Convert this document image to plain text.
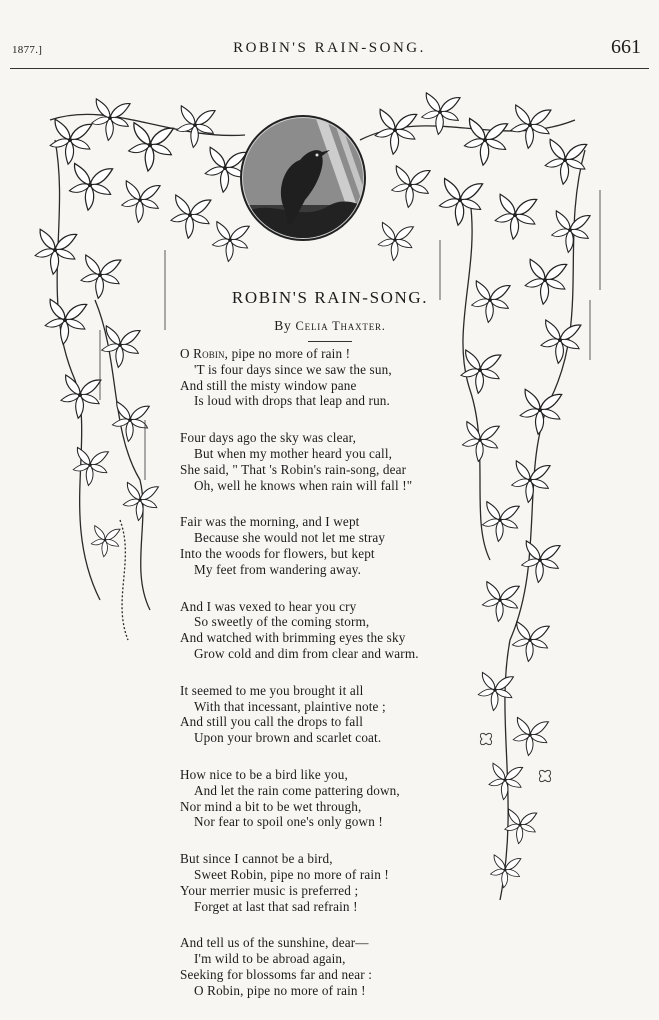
1877.]	ROBIN'S RAIN-SONG.	661
ROBIN'S RAIN-SONG.
By Celia Thaxter.
O Robin, pipe no more of rain !
'T is four days since we saw the sun,
And still the misty window pane
Is loud with drops that leap and run.
Four days ago the sky was clear,
But when my mother heard you call,
She said, " That 's Robin's rain-song, dear
Oh, well he knows when rain will fall !"
Fair was the morning, and I wept
Because she would not let me stray
Into the woods for flowers, but kept
My feet from wandering away.
And I was vexed to hear you cry
So sweetly of the coming storm,
And watched with brimming eyes the sky
Grow cold and dim from clear and warm.
It seemed to me you brought it all
With that incessant, plaintive note ;
And still you call the drops to fall
Upon your brown and scarlet coat.
How nice to be a bird like you,
And let the rain come pattering down,
Nor mind a bit to be wet through,
Nor fear to spoil one's only gown !
But since I cannot be a bird,
Sweet Robin, pipe no more of rain !
Your merrier music is preferred ;
Forget at last that sad refrain !
And tell us of the sunshine, dear—
I'm wild to be abroad again,
Seeking for blossoms far and near :
O Robin, pipe no more of rain !
